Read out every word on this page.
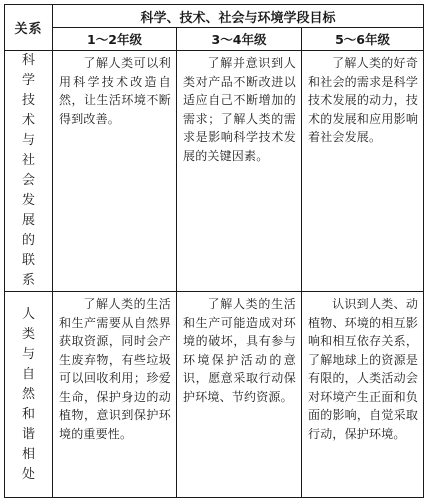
关系	科学、技术、社会与环境学段目标		
	1～2年级	3～4年级	5～6年级
科学技术与社会发展的联系	了解人类可以利用科学技术改造自然，让生活环境不断得到改善。	了解并意识到人类对产品不断改进以适应自己不断增加的需求；了解人类的需求是影响科学技术发展的关键因素。	了解人类的好奇和社会的需求是科学技术发展的动力，技术的发展和应用影响着社会发展。
人类与自然和谐相处	了解人类的生活和生产需要从自然界获取资源，同时会产生废弃物，有些垃圾可以回收利用；珍爱生命，保护身边的动植物，意识到保护环境的重要性。	了解人类的生活和生产可能造成对环境的破坏，具有参与环境保护活动的意识，愿意采取行动保护环境、节约资源。	认识到人类、动植物、环境的相互影响和相互依存关系，了解地球上的资源是有限的，人类活动会对环境产生正面和负面的影响，自觉采取行动，保护环境。
